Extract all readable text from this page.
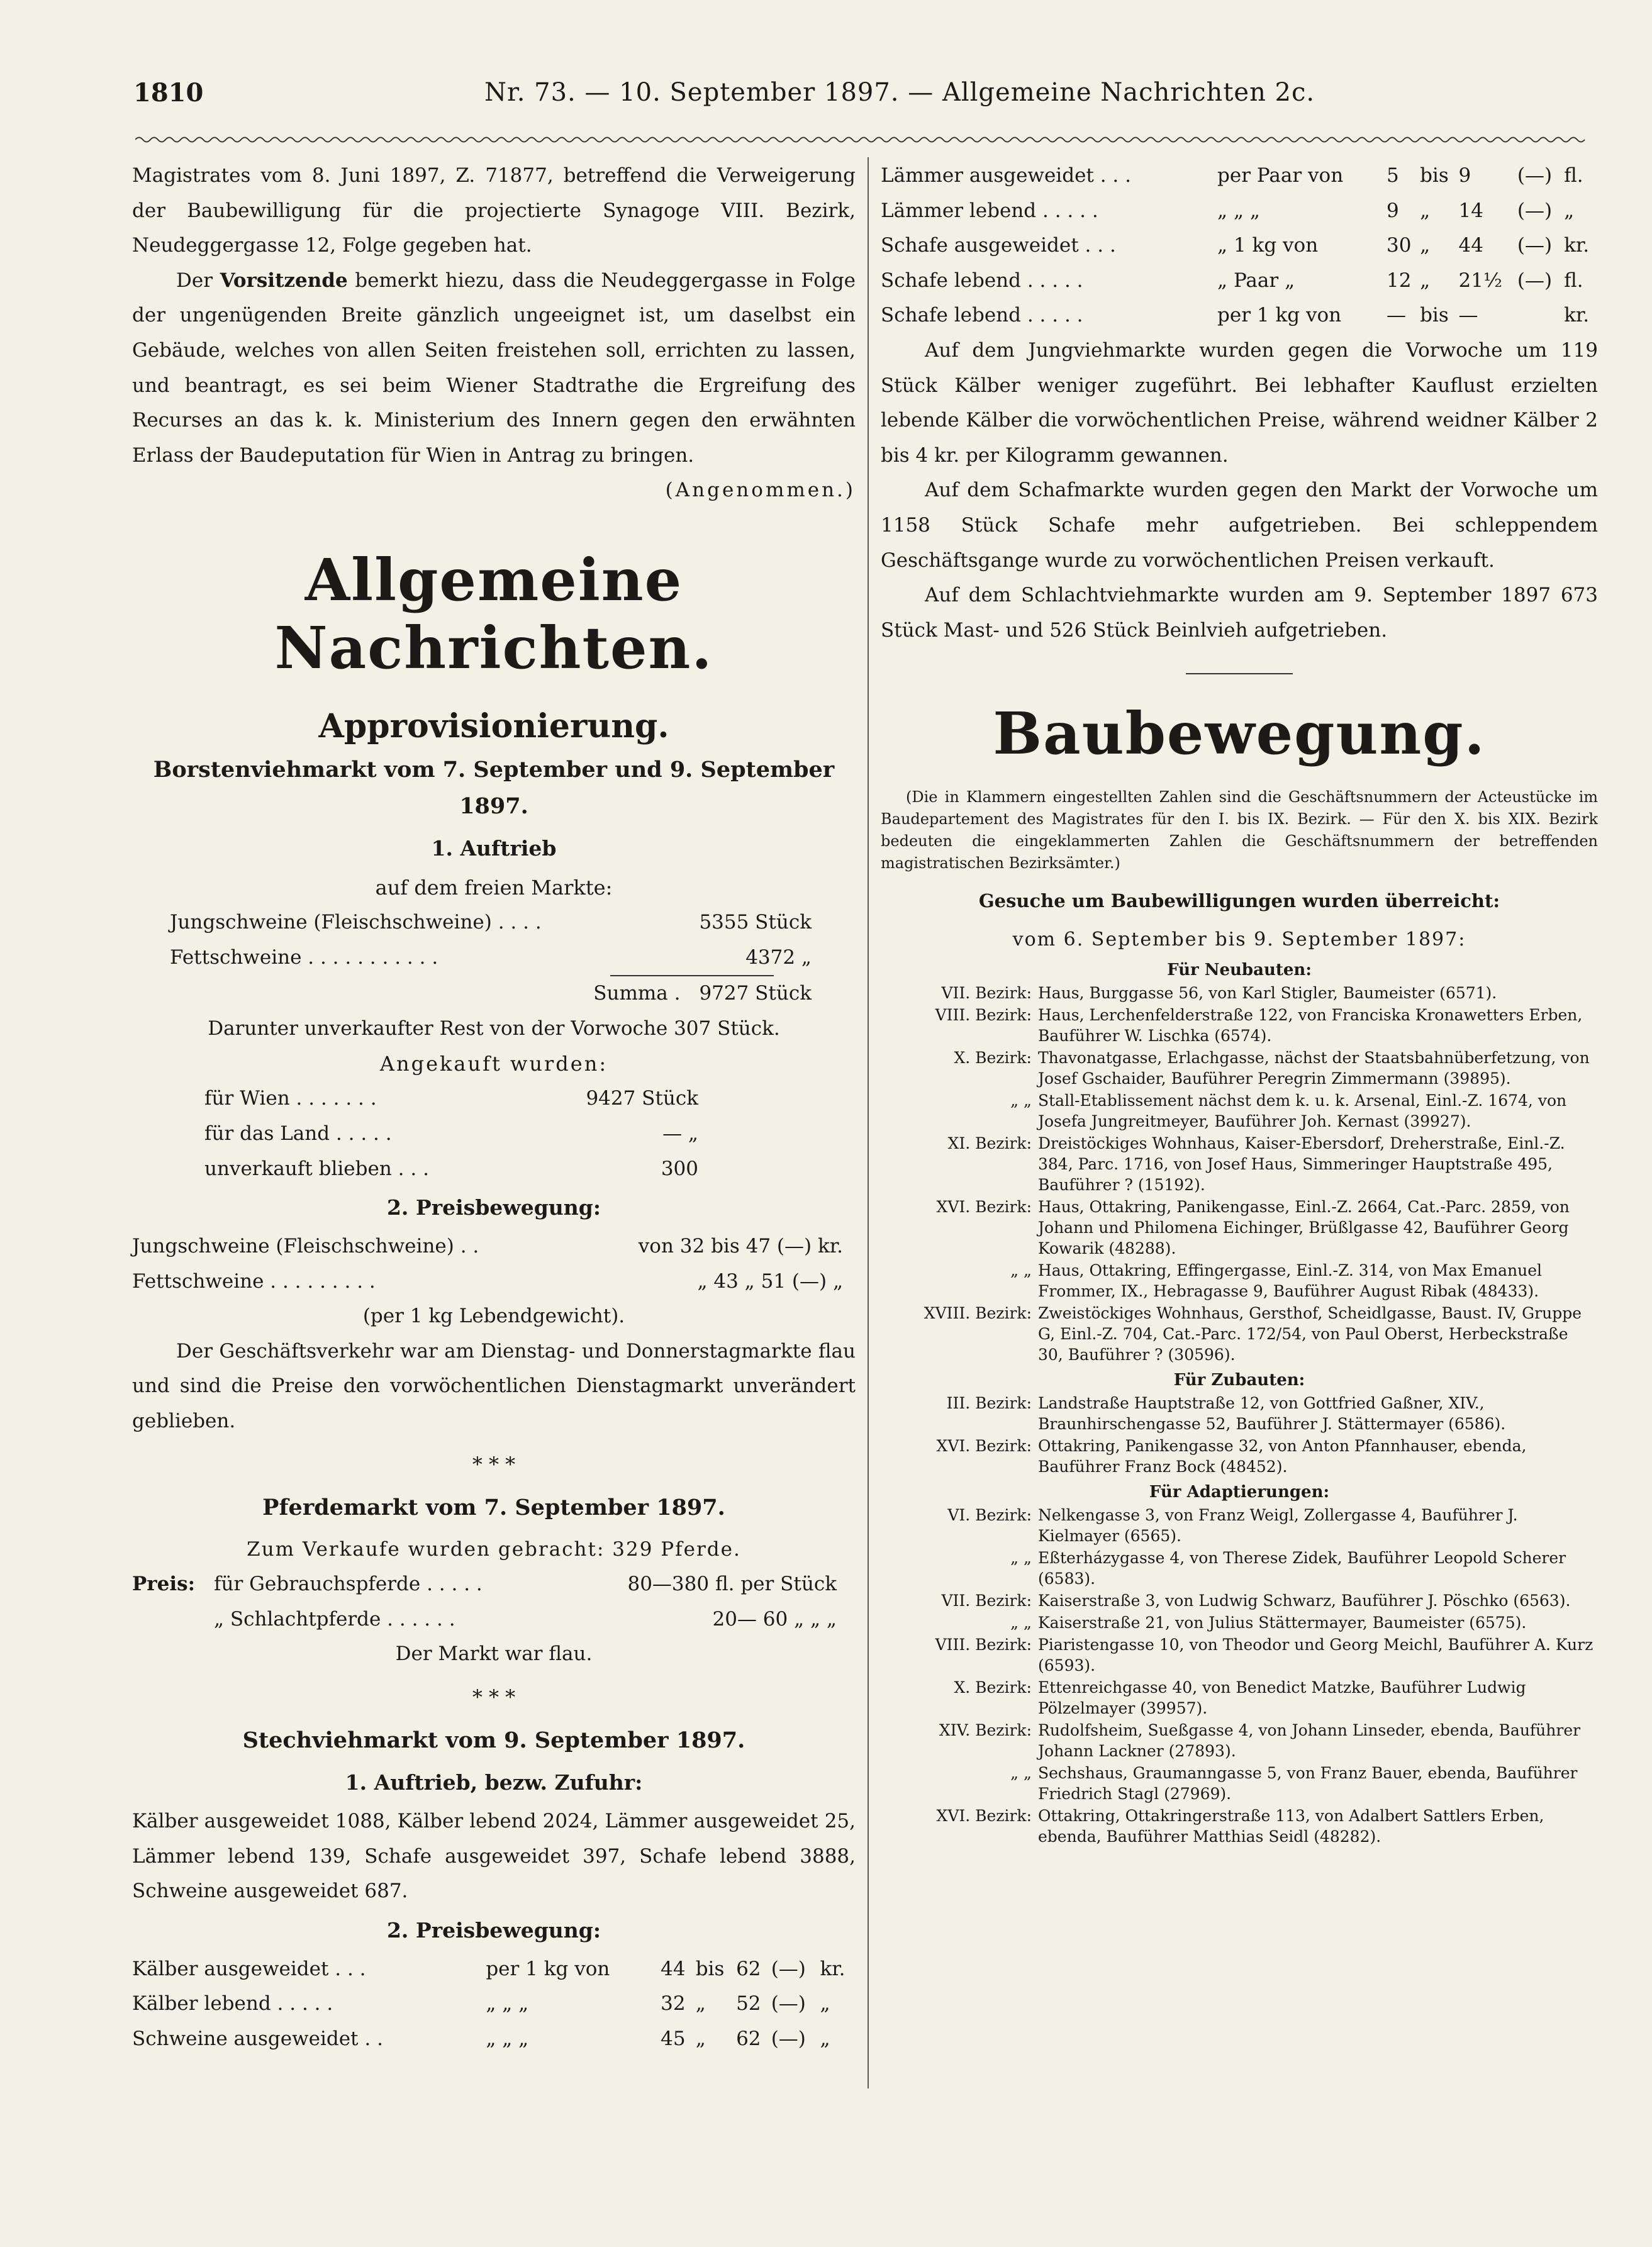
1810	Nr. 73. — 10. September 1897. — Allgemeine Nachrichten 2c.

Magistrates vom 8. Juni 1897, Z. 71877, betreffend die Verweigerung der Baubewilligung für die projectierte Synagoge VIII. Bezirk, Neudeggergasse 12, Folge gegeben hat.

Der Vorsitzende bemerkt hiezu, dass die Neudeggergasse in Folge der ungenügenden Breite gänzlich ungeeignet ist, um daselbst ein Gebäude, welches von allen Seiten freistehen soll, errichten zu lassen, und beantragt, es sei beim Wiener Stadtrathe die Ergreifung des Recurses an das k. k. Ministerium des Innern gegen den erwähnten Erlass der Baudeputation für Wien in Antrag zu bringen.

(Angenommen.)

Allgemeine Nachrichten.
Approvisionierung.
Borstenviehmarkt vom 7. September und 9. September 1897.
1. Auftrieb

auf dem freien Markte:

Jungschweine (Fleischschweine) . . . .	5355 Stück
Fettschweine . . . . . . . . . . .	4372 „
Summa . 9727 Stück

Darunter unverkaufter Rest von der Vorwoche 307 Stück.

Angekauft wurden:

für Wien . . . . . . .	9427 Stück
für das Land . . . . .	— „
unverkauft blieben . . .	300
2. Preisbewegung:
Jungschweine (Fleischschweine) . .	von 32 bis 47 (—) kr.
Fettschweine . . . . . . . . .	„ 43 „ 51 (—) „

(per 1 kg Lebendgewicht).

Der Geschäftsverkehr war am Dienstag- und Donnerstagmarkte flau und sind die Preise den vorwöchentlichen Dienstagmarkt unverändert geblieben.

* * *
Pferdemarkt vom 7. September 1897.

Zum Verkaufe wurden gebracht: 329 Pferde.

Preis: für Gebrauchspferde . . . . .	80—380 fl. per Stück
„ Schlachtpferde . . . . . .	20— 60 „ „ „

Der Markt war flau.

* * *
Stechviehmarkt vom 9. September 1897.
1. Auftrieb, bezw. Zufuhr:

Kälber ausgeweidet 1088, Kälber lebend 2024, Lämmer ausgeweidet 25, Lämmer lebend 139, Schafe ausgeweidet 397, Schafe lebend 3888, Schweine ausgeweidet 687.

2. Preisbewegung:
Kälber ausgeweidet . . .	per 1 kg von	44	bis	62	(—)	kr.
Kälber lebend . . . . .	„ „ „	32	„	52	(—)	„
Schweine ausgeweidet . .	„ „ „	45	„	62	(—)	„
Lämmer ausgeweidet . . .	per Paar von	5	bis	9	(—)	fl.
Lämmer lebend . . . . .	„ „ „	9	„	14	(—)	„
Schafe ausgeweidet . . .	„ 1 kg von	30	„	44	(—)	kr.
Schafe lebend . . . . .	„ Paar „	12	„	21½	(—)	fl.
Schafe lebend . . . . .	per 1 kg von	—	bis	—		kr.

Auf dem Jungviehmarkte wurden gegen die Vorwoche um 119 Stück Kälber weniger zugeführt. Bei lebhafter Kauflust erzielten lebende Kälber die vorwöchentlichen Preise, während weidner Kälber 2 bis 4 kr. per Kilogramm gewannen.

Auf dem Schafmarkte wurden gegen den Markt der Vorwoche um 1158 Stück Schafe mehr aufgetrieben. Bei schleppendem Geschäftsgange wurde zu vorwöchentlichen Preisen verkauft.

Auf dem Schlachtviehmarkte wurden am 9. September 1897 673 Stück Mast- und 526 Stück Beinlvieh aufgetrieben.

Baubewegung.

(Die in Klammern eingestellten Zahlen sind die Geschäftsnummern der Acteustücke im Baudepartement des Magistrates für den I. bis IX. Bezirk. — Für den X. bis XIX. Bezirk bedeuten die eingeklammerten Zahlen die Geschäftsnummern der betreffenden magistratischen Bezirksämter.)

Gesuche um Baubewilligungen wurden überreicht:

vom 6. September bis 9. September 1897:

Für Neubauten:
VII. Bezirk: Haus, Burggasse 56, von Karl Stigler, Baumeister (6571).
VIII. Bezirk: Haus, Lerchenfelderstraße 122, von Franciska Kronawetters Erben, Bauführer W. Lischka (6574).
X. Bezirk: Thavonatgasse, Erlachgasse, nächst der Staatsbahnüberfetzung, von Josef Gschaider, Bauführer Peregrin Zimmermann (39895).
„ „ Stall-Etablissement nächst dem k. u. k. Arsenal, Einl.-Z. 1674, von Josefa Jungreitmeyer, Bauführer Joh. Kernast (39927).
XI. Bezirk: Dreistöckiges Wohnhaus, Kaiser-Ebersdorf, Dreherstraße, Einl.-Z. 384, Parc. 1716, von Josef Haus, Simmeringer Hauptstraße 495, Bauführer ? (15192).
XVI. Bezirk: Haus, Ottakring, Panikengasse, Einl.-Z. 2664, Cat.-Parc. 2859, von Johann und Philomena Eichinger, Brüßlgasse 42, Bauführer Georg Kowarik (48288).
„ „ Haus, Ottakring, Effingergasse, Einl.-Z. 314, von Max Emanuel Frommer, IX., Hebragasse 9, Bauführer August Ribak (48433).
XVIII. Bezirk: Zweistöckiges Wohnhaus, Gersthof, Scheidlgasse, Baust. IV, Gruppe G, Einl.-Z. 704, Cat.-Parc. 172/54, von Paul Oberst, Herbeckstraße 30, Bauführer ? (30596).
Für Zubauten:
III. Bezirk: Landstraße Hauptstraße 12, von Gottfried Gaßner, XIV., Braunhirschengasse 52, Bauführer J. Stättermayer (6586).
XVI. Bezirk: Ottakring, Panikengasse 32, von Anton Pfannhauser, ebenda, Bauführer Franz Bock (48452).
Für Adaptierungen:
VI. Bezirk: Nelkengasse 3, von Franz Weigl, Zollergasse 4, Bauführer J. Kielmayer (6565).
„ „ Eßterházygasse 4, von Therese Zidek, Bauführer Leopold Scherer (6583).
VII. Bezirk: Kaiserstraße 3, von Ludwig Schwarz, Bauführer J. Pöschko (6563).
„ „ Kaiserstraße 21, von Julius Stättermayer, Baumeister (6575).
VIII. Bezirk: Piaristengasse 10, von Theodor und Georg Meichl, Bauführer A. Kurz (6593).
X. Bezirk: Ettenreichgasse 40, von Benedict Matzke, Bauführer Ludwig Pölzelmayer (39957).
XIV. Bezirk: Rudolfsheim, Sueßgasse 4, von Johann Linseder, ebenda, Bauführer Johann Lackner (27893).
„ „ Sechshaus, Graumanngasse 5, von Franz Bauer, ebenda, Bauführer Friedrich Stagl (27969).
XVI. Bezirk: Ottakring, Ottakringerstraße 113, von Adalbert Sattlers Erben, ebenda, Bauführer Matthias Seidl (48282).
